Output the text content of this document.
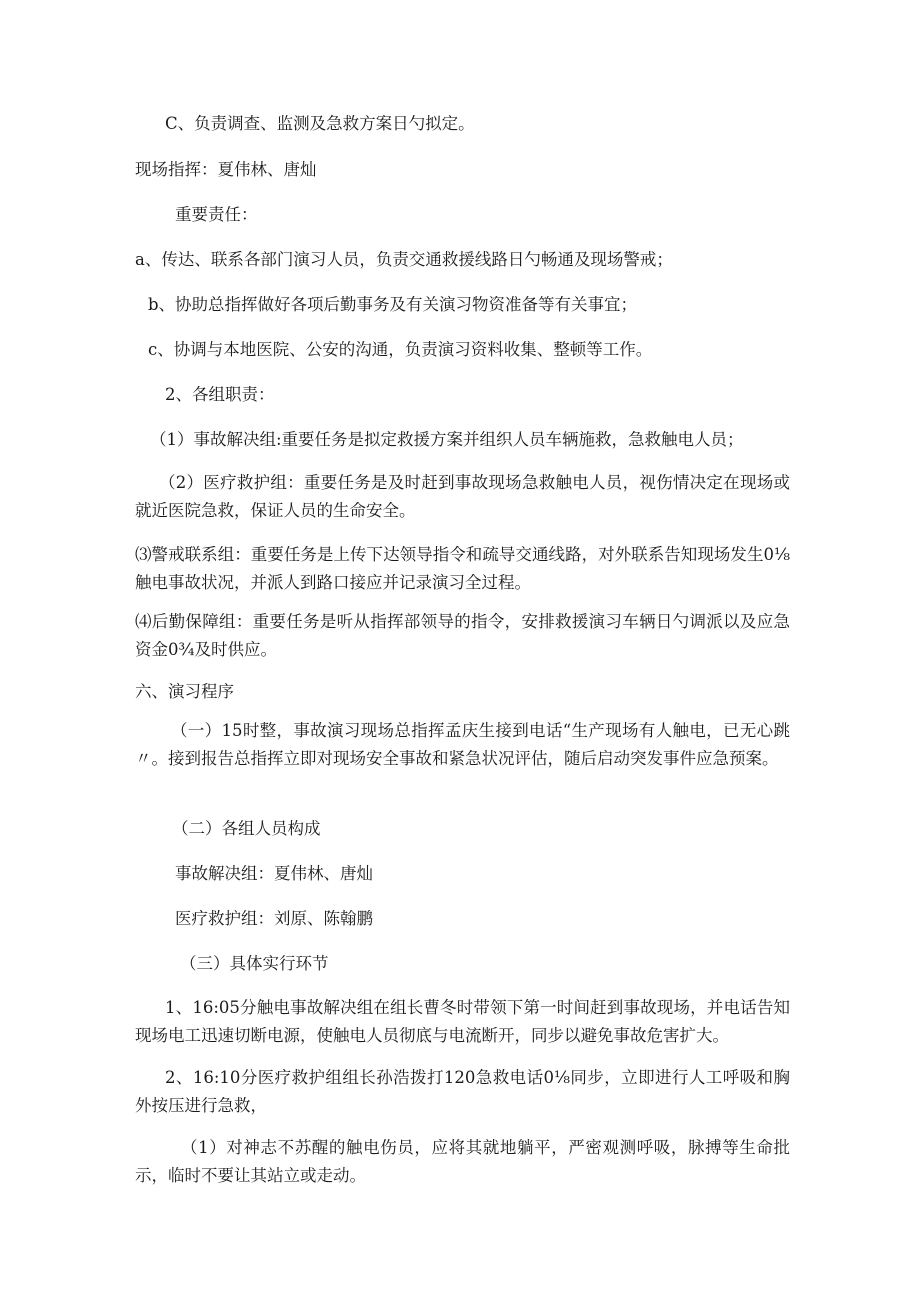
C、负责调查、监测及急救方案日勺拟定。

现场指挥：夏伟林、唐灿

重要责任：

a、传达、联系各部门演习人员，负责交通救援线路日勺畅通及现场警戒；

b、协助总指挥做好各项后勤事务及有关演习物资准备等有关事宜；

c、协调与本地医院、公安的沟通，负责演习资料收集、整顿等工作。

2、各组职责：

（1）事故解决组:重要任务是拟定救援方案并组织人员车辆施救，急救触电人员；

（2）医疗救护组：重要任务是及时赶到事故现场急救触电人员，视伤情决定在现场或就近医院急救，保证人员的生命安全。

⑶警戒联系组：重要任务是上传下达领导指令和疏导交通线路，对外联系告知现场发生0⅛触电事故状况，并派人到路口接应并记录演习全过程。

⑷后勤保障组：重要任务是听从指挥部领导的指令，安排救援演习车辆日勺调派以及应急资金0¾及时供应。

六、演习程序

（一）15时整，事故演习现场总指挥孟庆生接到电话“生产现场有人触电，已无心跳〃。接到报告总指挥立即对现场安全事故和紧急状况评估，随后启动突发事件应急预案。

（二）各组人员构成

事故解决组：夏伟林、唐灿

医疗救护组：刘原、陈翰鹏

（三）具体实行环节

1、16:05分触电事故解决组在组长曹冬时带领下第一时间赶到事故现场，并电话告知现场电工迅速切断电源，使触电人员彻底与电流断开，同步以避免事故危害扩大。

2、16:10分医疗救护组组长孙浩拨打120急救电话0⅛同步，立即进行人工呼吸和胸外按压进行急救，

（1）对神志不苏醒的触电伤员，应将其就地躺平，严密观测呼吸，脉搏等生命批示，临时不要让其站立或走动。
